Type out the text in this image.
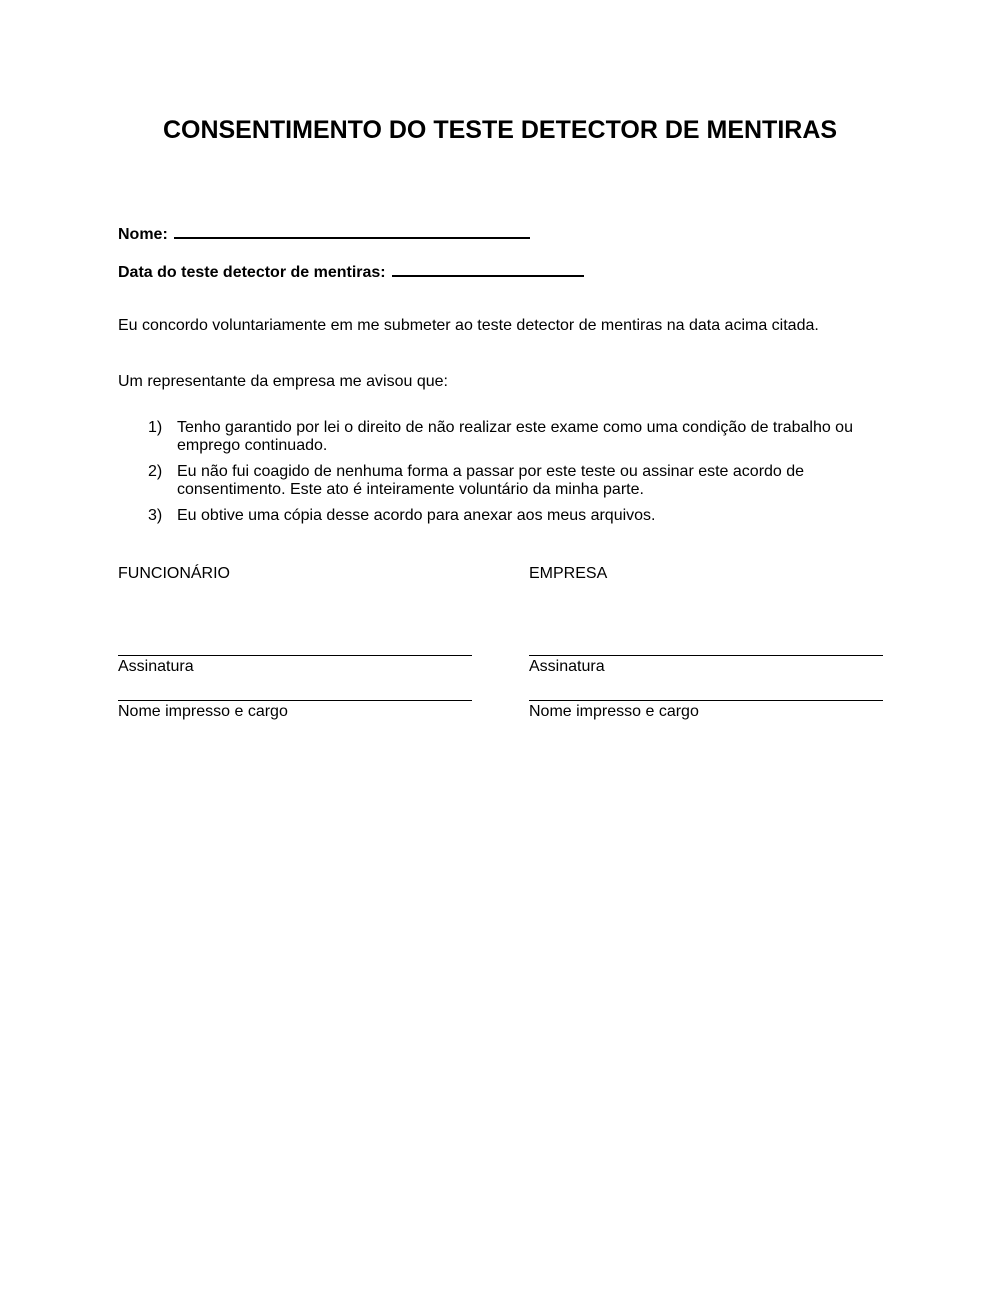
CONSENTIMENTO DO TESTE DETECTOR DE MENTIRAS
Nome:
Data do teste detector de mentiras:
Eu concordo voluntariamente em me submeter ao teste detector de mentiras na data acima citada.
Um representante da empresa me avisou que:
1) Tenho garantido por lei o direito de não realizar este exame como uma condição de trabalho ou emprego continuado.
2) Eu não fui coagido de nenhuma forma a passar por este teste ou assinar este acordo de consentimento. Este ato é inteiramente voluntário da minha parte.
3) Eu obtive uma cópia desse acordo para anexar aos meus arquivos.
FUNCIONÁRIO
Assinatura
Nome impresso e cargo
EMPRESA
Assinatura
Nome impresso e cargo
